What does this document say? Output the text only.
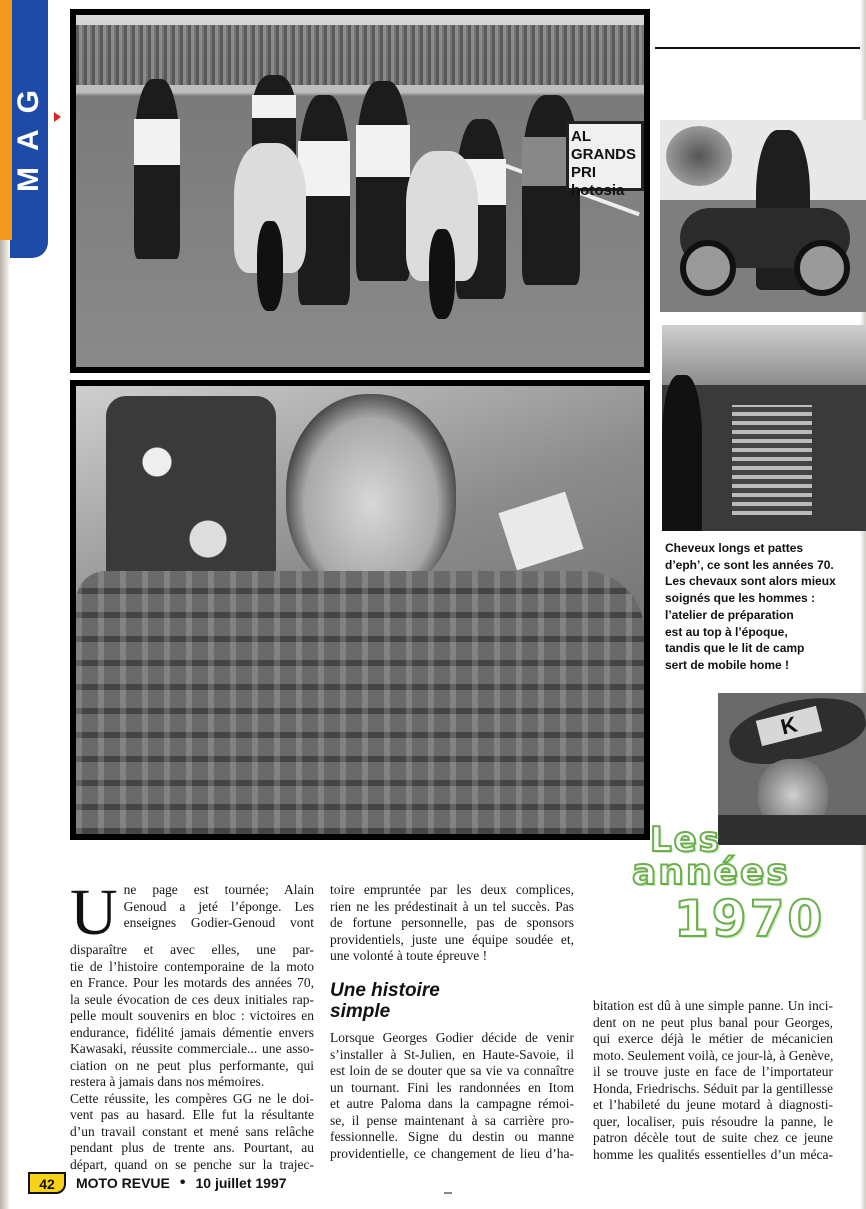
MAG	AL GRANDS PRI
hotosia
Cheveux longs et pattes
d’eph’, ce sont les années 70.
Les chevaux sont alors mieux
soignés que les hommes :
l’atelier de préparation
est au top à l’époque,
tandis que le lit de camp
sert de mobile home !
K
Les
années
1970
U ne page est tournée; Alain
Genoud a jeté l’éponge. Les
enseignes Godier-Genoud vont
disparaître et avec elles, une par-
tie de l’histoire contemporaine de la moto
en France. Pour les motards des années 70,
la seule évocation de ces deux initiales rap-
pelle moult souvenirs en bloc : victoires en
endurance, fidélité jamais démentie envers
Kawasaki, réussite commerciale... une asso-
ciation on ne peut plus performante, qui
restera à jamais dans nos mémoires.
Cette réussite, les compères GG ne le doi-
vent pas au hasard. Elle fut la résultante
d’un travail constant et mené sans relâche
pendant plus de trente ans. Pourtant, au
départ, quand on se penche sur la trajec-
toire empruntée par les deux complices,
rien ne les prédestinait à un tel succès. Pas
de fortune personnelle, pas de sponsors
providentiels, juste une équipe soudée et,
une volonté à toute épreuve !
Une histoire
simple
Lorsque Georges Godier décide de venir
s’installer à St-Julien, en Haute-Savoie, il
est loin de se douter que sa vie va connaître
un tournant. Fini les randonnées en Itom
et autre Paloma dans la campagne rémoi-
se, il pense maintenant à sa carrière pro-
fessionnelle. Signe du destin ou manne
providentielle, ce changement de lieu d’ha-
bitation est dû à une simple panne. Un inci-
dent on ne peut plus banal pour Georges,
qui exerce déjà le métier de mécanicien
moto. Seulement voilà, ce jour-là, à Genève,
il se trouve juste en face de l’importateur
Honda, Friedrischs. Séduit par la gentillesse
et l’habileté du jeune motard à diagnosti-
quer, localiser, puis résoudre la panne, le
patron décèle tout de suite chez ce jeune
homme les qualités essentielles d’un méca-
42	MOTO REVUE • 10 juillet 1997
